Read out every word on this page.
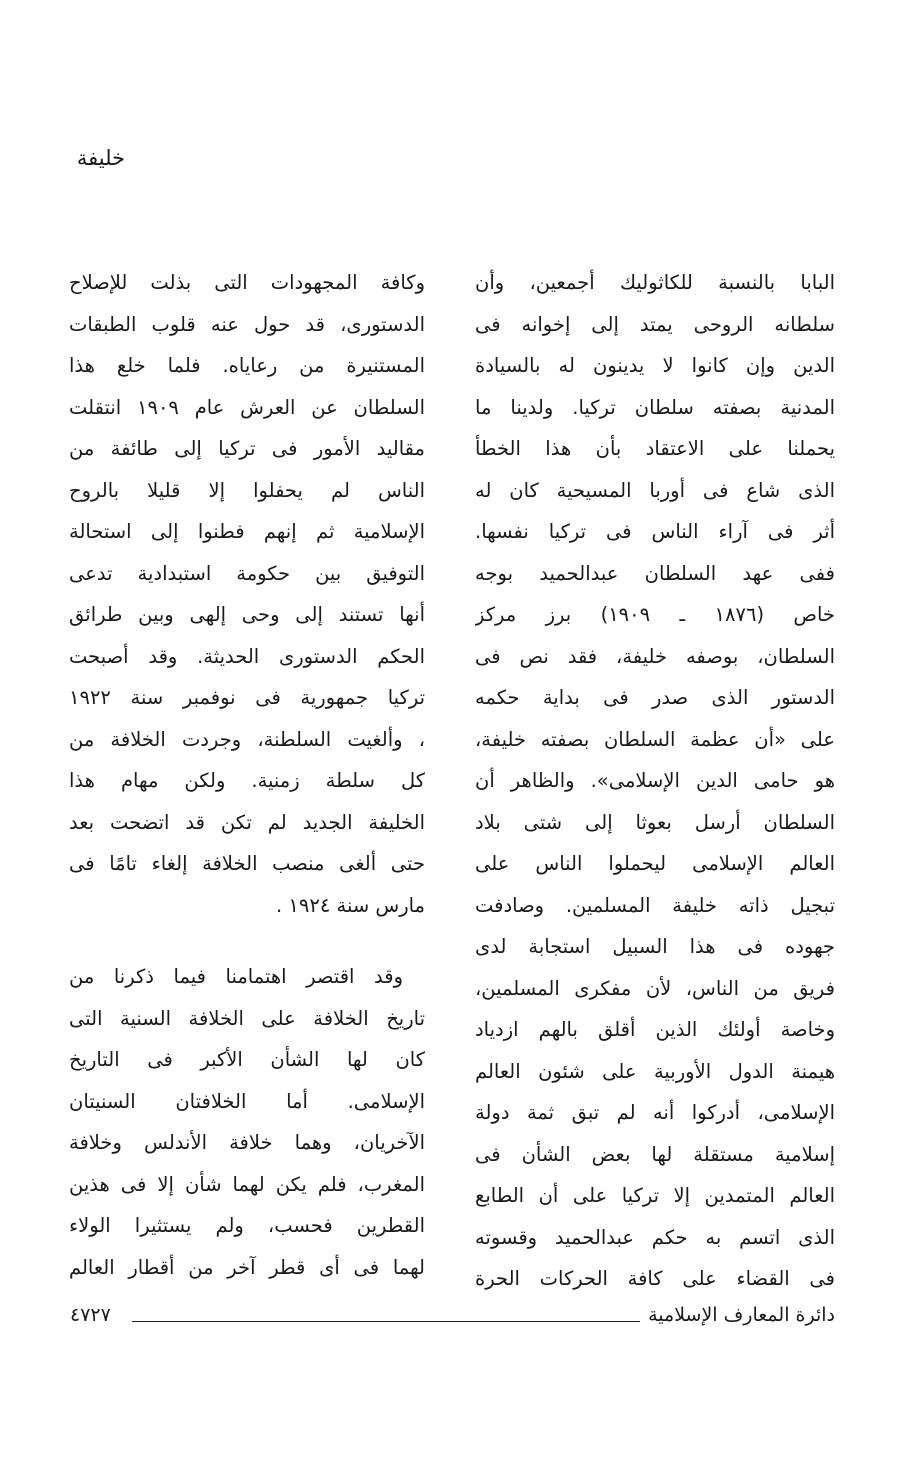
خليفة
البابا بالنسبة للكاثوليك أجمعين، وأن
سلطانه الروحى يمتد إلى إخوانه فى
الدين وإن كانوا لا يدينون له بالسيادة
المدنية بصفته سلطان تركيا. ولدينا ما
يحملنا على الاعتقاد بأن هذا الخطأ
الذى شاع فى أوربا المسيحية كان له
أثر فى آراء الناس فى تركيا نفسها.
ففى عهد السلطان عبدالحميد بوجه
خاص (١٨٧٦ ـ ١٩٠٩) برز مركز
السلطان، بوصفه خليفة، فقد نص فى
الدستور الذى صدر فى بداية حكمه
على «أن عظمة السلطان بصفته خليفة،
هو حامى الدين الإسلامى». والظاهر أن
السلطان أرسل بعوثا إلى شتى بلاد
العالم الإسلامى ليحملوا الناس على
تبجيل ذاته خليفة المسلمين. وصادفت
جهوده فى هذا السبيل استجابة لدى
فريق من الناس، لأن مفكرى المسلمين،
وخاصة أولئك الذين أقلق بالهم ازدياد
هيمنة الدول الأوربية على شئون العالم
الإسلامى، أدركوا أنه لم تبق ثمة دولة
إسلامية مستقلة لها بعض الشأن فى
العالم المتمدين إلا تركيا على أن الطابع
الذى اتسم به حكم عبدالحميد وقسوته
فى القضاء على كافة الحركات الحرة
وكافة المجهودات التى بذلت للإصلاح
الدستورى، قد حول عنه قلوب الطبقات
المستنيرة من رعاياه. فلما خلع هذا
السلطان عن العرش عام ١٩٠٩ انتقلت
مقاليد الأمور فى تركيا إلى طائفة من
الناس لم يحفلوا إلا قليلا بالروح
الإسلامية ثم إنهم فطنوا إلى استحالة
التوفيق بين حكومة استبدادية تدعى
أنها تستند إلى وحى إلهى وبين طرائق
الحكم الدستورى الحديثة. وقد أصبحت
تركيا جمهورية فى نوفمبر سنة ١٩٢٢
، وألغيت السلطنة، وجردت الخلافة من
كل سلطة زمنية. ولكن مهام هذا
الخليفة الجديد لم تكن قد اتضحت بعد
حتى ألغى منصب الخلافة إلغاء تامًا فى
مارس سنة ١٩٢٤ .
وقد اقتصر اهتمامنا فيما ذكرنا من
تاريخ الخلافة على الخلافة السنية التى
كان لها الشأن الأكبر فى التاريخ
الإسلامى. أما الخلافتان السنيتان
الآخريان، وهما خلافة الأندلس وخلافة
المغرب، فلم يكن لهما شأن إلا فى هذين
القطرين فحسب، ولم يستثيرا الولاء
لهما فى أى قطر آخر من أقطار العالم
دائرة المعارف الإسلامية
٤٧٢٧
